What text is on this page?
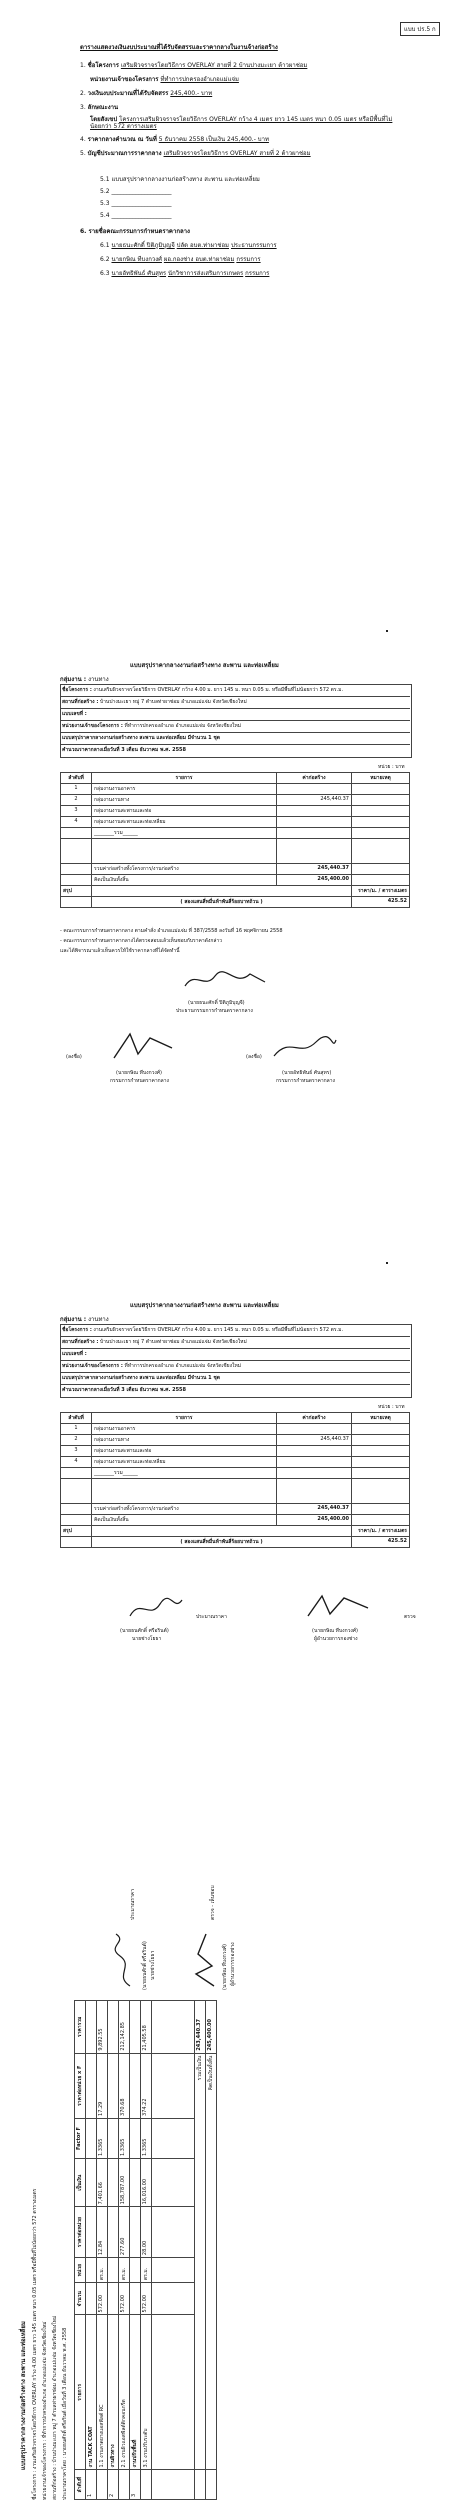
แบบ ปร.5 ก
ตารางแสดงวงเงินงบประมาณที่ได้รับจัดสรรและราคากลางในงานจ้างก่อสร้าง
1. ชื่อโครงการ เสริมผิวจราจรโดยวิธีการ OVERLAY สายที่ 2 บ้านปางมะเยา ต้าวผาช่อม
หน่วยงานเจ้าของโครงการ ที่ทำการปกครองอำเภอแม่แจ่ม
2. วงเงินงบประมาณที่ได้รับจัดสรร 245,400.- บาท
3. ลักษณะงาน
โดยสังเขป โครงการเสริมผิวจราจรโดยวิธีการ OVERLAY กว้าง 4 เมตร ยาว 145 เมตร หนา 0.05 เมตร หรือมีพื้นที่ไม่น้อยกว่า 572 ตารางเมตร
4. ราคากลางคำนวณ ณ วันที่ 5 ธันวาคม 2558 เป็นเงิน 245,400.- บาท
5. บัญชีประมาณการราคากลาง เสริมผิวจราจรโดยวิธีการ OVERLAY สายที่ 2 ต้าวผาช่อม
5.1 แบบสรุปราคากลางงานก่อสร้างทาง สะพาน และท่อเหลี่ยม
5.2 ____________________
5.3 ____________________
5.4 ____________________
6. รายชื่อคณะกรรมการกำหนดราคากลาง
6.1 นายธนะศักดิ์ ปิติภูมิบุญจี ปลัด อบต.ท่าผาช่อม ประธานกรรมการ
6.2 นายกษิณ ทีบงกวงศ์ ผอ.กองช่าง อบต.ท่าผาช่อม กรรมการ
6.3 นายอัทธิพันธ์ ศันสุทร นักวิชาการส่งเสริมการเกษตร กรรมการ
แบบสรุปราคากลางงานก่อสร้างทาง สะพาน และท่อเหลี่ยม
กลุ่มงาน : งานทาง
ชื่อโครงการ : งานเสริมผิวจราจรโดยวิธีการ OVERLAY กว้าง 4.00 ม. ยาว 145 ม. หนา 0.05 ม. หรือมีพื้นที่ไม่น้อยกว่า 572 ตร.ม.
สถานที่ก่อสร้าง : บ้านปางมะเยา หมู่ 7 ตำบลท่าผาช่อม อำเภอแม่แจ่ม จังหวัดเชียงใหม่
แบบเลขที่ :
หน่วยงานเจ้าของโครงการ : ที่ทำการปกครองอำเภอ อำเภอแม่แจ่ม จังหวัดเชียงใหม่
แบบสรุปราคากลางงานก่อสร้างทาง สะพาน และท่อเหลี่ยม มีจำนวน 1 ชุด
คำนวณราคากลางเมื่อวันที่ 3 เดือน ธันวาคม พ.ศ. 2558
หน่วย : บาท
ลำดับที่	รายการ	ค่าก่อสร้าง	หมายเหตุ
1	กลุ่มงานงานอาคาร		
2	กลุ่มงานงานทาง	245,440.37	
3	กลุ่มงานงานสะพานและท่อ		
4	กลุ่มงานงานสะพานและท่อเหลี่ยม		
	________รวม______		

	รวมค่าก่อสร้างทั้งโครงการ/งานก่อสร้าง	245,440.37	
	คิดเป็นเงินทั้งสิ้น	245,400.00	
สรุป			ราคา/ม. / ตารางเมตร
	( สองแสนสี่หมื่นห้าพันสี่ร้อยบาทถ้วน )		425.52
- คณะกรรมการกำหนดราคากลาง ตามคำสั่ง อำเภอแม่แจ่ม ที่ 387/2558 ลงวันที่ 16 พฤศจิกายน 2558
- คณะกรรมการกำหนดราคากลางได้ตรวจสอบแล้วเห็นชอบกับราคาดังกล่าว
และได้พิจารณาแล้วเห็นควรให้ใช้ราคากลางที่ได้จัดทำนี้
(นายธนะศักดิ์ ปิติภูมิบุญจี)
ประธานกรรมการกำหนดราคากลาง
(ลงชื่อ)
(นายกษิณ ทีบงกวงศ์)
กรรมการกำหนดราคากลาง
(ลงชื่อ)
(นายอัทธิพันธ์ ศันสุทร)
กรรมการกำหนดราคากลาง
แบบสรุปราคากลางงานก่อสร้างทาง สะพาน และท่อเหลี่ยม
กลุ่มงาน : งานทาง
ชื่อโครงการ : งานเสริมผิวจราจรโดยวิธีการ OVERLAY กว้าง 4.00 ม. ยาว 145 ม. หนา 0.05 ม. หรือมีพื้นที่ไม่น้อยกว่า 572 ตร.ม.
สถานที่ก่อสร้าง : บ้านปางมะเยา หมู่ 7 ตำบลท่าผาช่อม อำเภอแม่แจ่ม จังหวัดเชียงใหม่
แบบเลขที่ :
หน่วยงานเจ้าของโครงการ : ที่ทำการปกครองอำเภอ อำเภอแม่แจ่ม จังหวัดเชียงใหม่
แบบสรุปราคากลางงานก่อสร้างทาง สะพาน และท่อเหลี่ยม มีจำนวน 1 ชุด
คำนวณราคากลางเมื่อวันที่ 3 เดือน ธันวาคม พ.ศ. 2558
หน่วย : บาท
ลำดับที่	รายการ	ค่าก่อสร้าง	หมายเหตุ
1	กลุ่มงานงานอาคาร		
2	กลุ่มงานงานทาง	245,440.37	
3	กลุ่มงานงานสะพานและท่อ		
4	กลุ่มงานงานสะพานและท่อเหลี่ยม		
	________รวม______		

	รวมค่าก่อสร้างทั้งโครงการ/งานก่อสร้าง	245,440.37	
	คิดเป็นเงินทั้งสิ้น	245,400.00	
สรุป			ราคา/ม. / ตารางเมตร
	( สองแสนสี่หมื่นห้าพันสี่ร้อยบาทถ้วน )		425.52
ประมาณราคา
(นายธนศักดิ์ ศรีอรินต์)
นายช่างโยธา
ตรวจ
(นายกษิณ ทีบงกวงศ์)
ผู้อำนวยการกองช่าง
แบบสรุปราคากลางงานก่อสร้างทาง สะพาน และท่อเหลี่ยม ชื่อโครงการ : งานเสริมผิวจราจรโดยวิธีการ OVERLAY กว้าง 4.00 เมตร ยาว 145 เมตร หนา 0.05 เมตร หรือมีพื้นที่ไม่น้อยกว่า 572 ตารางเมตร
หน่วยงานเจ้าของโครงการ : ที่ทำการปกครองอำเภอ อำเภอแม่แจ่ม จังหวัดเชียงใหม่ สถานที่ก่อสร้าง : บ้านปางมะเยา หมู่ 7 ตำบลท่าผาช่อม อำเภอแม่แจ่ม จังหวัดเชียงใหม่ ประมาณราคาโดย : นายธนศักดิ์ ศรีอรินต์ เมื่อวันที่ 3 เดือน ธันวาคม พ.ศ. 2558
ลำดับที่	รายการ	จำนวน	หน่วย	ราคาต่อหน่วย	เป็นเงิน	Factor F	ราคาต่อหน่วย x F	ราคารวม
1	งาน TACK COAT							
	1.1 งานลาดยางแอสฟัลต์ RC	572.00	ตร.ม.	12.84	7,401.66	1.3365	17.29	9,892.55
2	งานผิวทาง							
	2.1 งานผิวแอสฟัลต์ติกคอนกรีต	572.00	ตร.ม.	277.60	158,787.00	1.3365	370.68	212,142.85
3	งานปรับพื้นที่							
	3.1 งานปรับระดับ	572.00	ตร.ม.	28.00	16,016.00	1.3365	374.22	21,405.58

	รวมเป็นเงิน							243,440.37
	คิดเป็นเงินทั้งสิ้น							245,400.00
ประมาณราคา
(นายธนศักดิ์ ศรีอรินต์) นายช่างโยธา
ตรวจ - เห็นชอบ
(นายกษิณ ทีบงกวงศ์) ผู้อำนวยการกองช่าง
